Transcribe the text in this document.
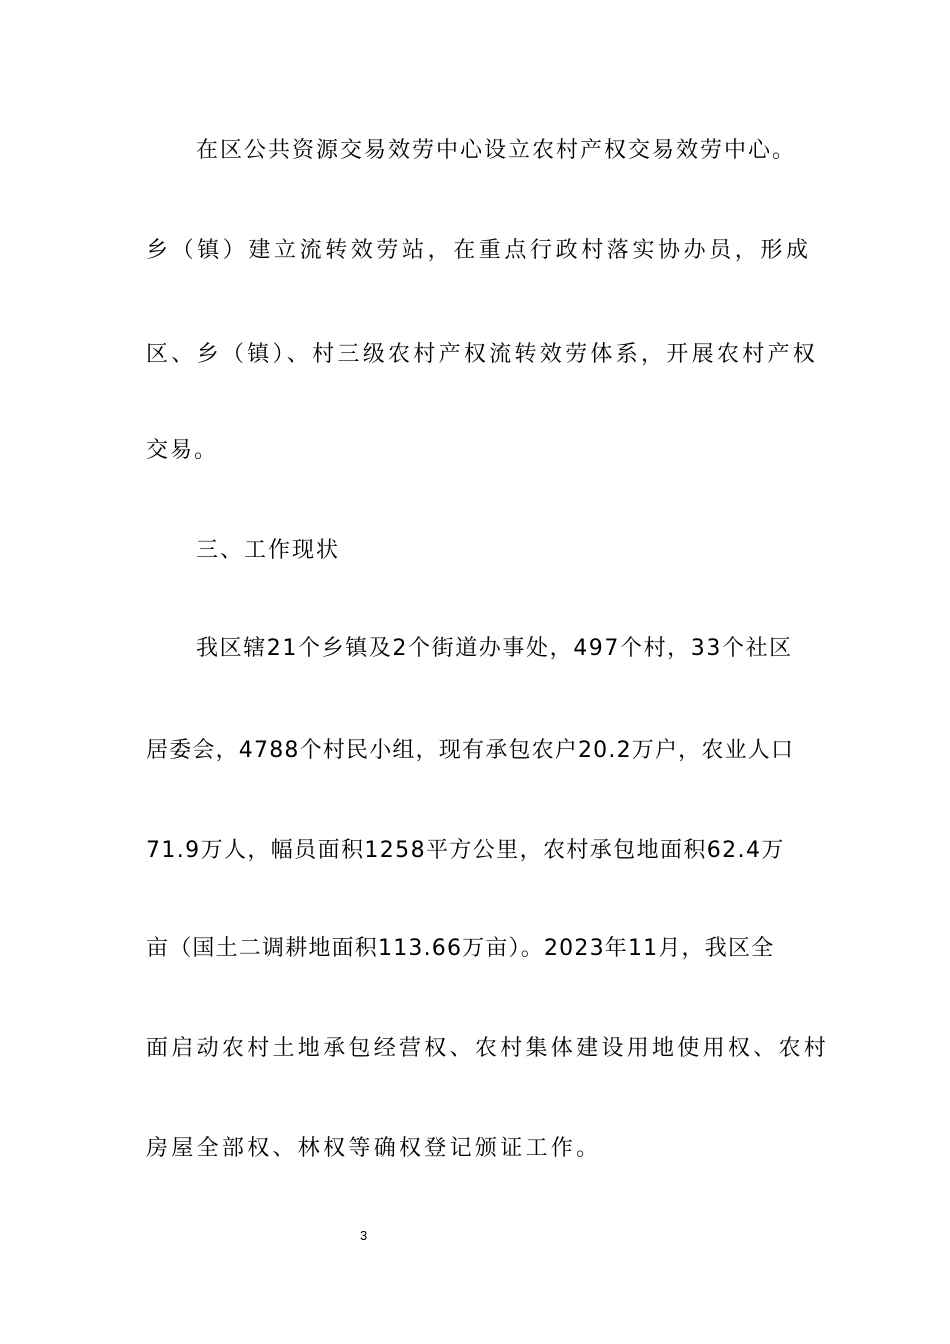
在区公共资源交易效劳中心设立农村产权交易效劳中心。
乡（镇）建立流转效劳站，在重点行政村落实协办员，形成
区、乡（镇）、村三级农村产权流转效劳体系，开展农村产权
交易。
三、工作现状
我区辖21个乡镇及2个街道办事处，497个村，33个社区
居委会，4788个村民小组，现有承包农户20.2万户，农业人口
71.9万人，幅员面积1258平方公里，农村承包地面积62.4万
亩（国土二调耕地面积113.66万亩）。2023年11月，我区全
面启动农村土地承包经营权、农村集体建设用地使用权、农村
房屋全部权、林权等确权登记颁证工作。
3
